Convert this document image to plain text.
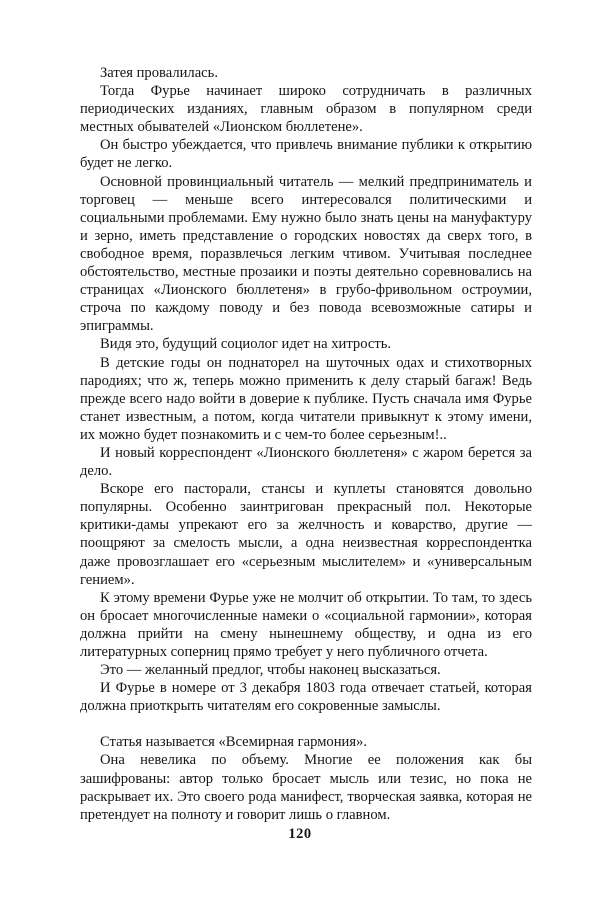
Затея провалилась.

Тогда Фурье начинает широко сотрудничать в различных периодических изданиях, главным образом в популярном среди местных обывателей «Лионском бюллетене».

Он быстро убеждается, что привлечь внимание публики к открытию будет не легко.

Основной провинциальный читатель — мелкий предприниматель и торговец — меньше всего интересовался политическими и социальными проблемами. Ему нужно было знать цены на мануфактуру и зерно, иметь представление о городских новостях да сверх того, в свободное время, поразвлечься легким чтивом. Учитывая последнее обстоятельство, местные прозаики и поэты деятельно соревновались на страницах «Лионского бюллетеня» в грубо-фривольном остроумии, строча по каждому поводу и без повода всевозможные сатиры и эпиграммы.

Видя это, будущий социолог идет на хитрость.

В детские годы он поднаторел на шуточных одах и стихотворных пародиях; что ж, теперь можно применить к делу старый багаж! Ведь прежде всего надо войти в доверие к публике. Пусть сначала имя Фурье станет известным, а потом, когда читатели привыкнут к этому имени, их можно будет познакомить и с чем-то более серьезным!..

И новый корреспондент «Лионского бюллетеня» с жаром берется за дело.

Вскоре его пасторали, стансы и куплеты становятся довольно популярны. Особенно заинтригован прекрасный пол. Некоторые критики-дамы упрекают его за желчность и коварство, другие — поощряют за смелость мысли, а одна неизвестная корреспондентка даже провозглашает его «серьезным мыслителем» и «универсальным гением».

К этому времени Фурье уже не молчит об открытии. То там, то здесь он бросает многочисленные намеки о «социальной гармонии», которая должна прийти на смену нынешнему обществу, и одна из его литературных соперниц прямо требует у него публичного отчета.

Это — желанный предлог, чтобы наконец высказаться.

И Фурье в номере от 3 декабря 1803 года отвечает статьей, которая должна приоткрыть читателям его сокровенные замыслы.

Статья называется «Всемирная гармония».

Она невелика по объему. Многие ее положения как бы зашифрованы: автор только бросает мысль или тезис, но пока не раскрывает их. Это своего рода манифест, творческая заявка, которая не претендует на полноту и говорит лишь о главном.

120
